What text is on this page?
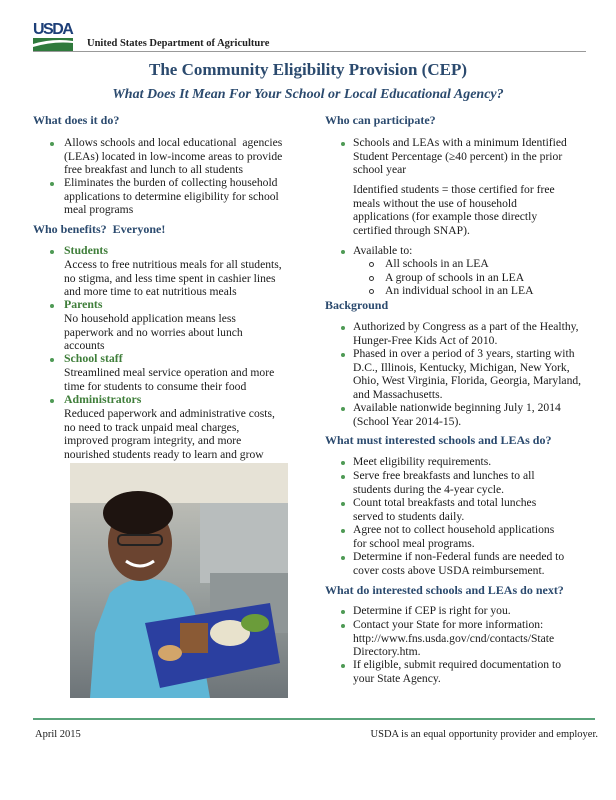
USDA
United States Department of Agriculture
The Community Eligibility Provision (CEP)
What Does It Mean For Your School or Local Educational Agency?
What does it do?
Allows schools and local educational  agencies
(LEAs) located in low-income areas to provide
free breakfast and lunch to all students
Eliminates the burden of collecting household
applications to determine eligibility for school
meal programs
Who benefits?  Everyone!
Students
Access to free nutritious meals for all students,
no stigma, and less time spent in cashier lines
and more time to eat nutritious meals
Parents
No household application means less
paperwork and no worries about lunch
accounts
School staff
Streamlined meal service operation and more
time for students to consume their food
Administrators
Reduced paperwork and administrative costs,
no need to track unpaid meal charges,
improved program integrity, and more
nourished students ready to learn and grow
Who can participate?
Schools and LEAs with a minimum Identified
Student Percentage (≥40 percent) in the prior
school year
Identified students = those certified for free
meals without the use of household
applications (for example those directly
certified through SNAP).
Available to:
All schools in an LEA
A group of schools in an LEA
An individual school in an LEA
Background
Authorized by Congress as a part of the Healthy,
Hunger-Free Kids Act of 2010.
Phased in over a period of 3 years, starting with
D.C., Illinois, Kentucky, Michigan, New York,
Ohio, West Virginia, Florida, Georgia, Maryland,
and Massachusetts.
Available nationwide beginning July 1, 2014
(School Year 2014-15).
What must interested schools and LEAs do?
Meet eligibility requirements.
Serve free breakfasts and lunches to all
students during the 4-year cycle.
Count total breakfasts and total lunches
served to students daily.
Agree not to collect household applications
for school meal programs.
Determine if non-Federal funds are needed to
cover costs above USDA reimbursement.
What do interested schools and LEAs do next?
Determine if CEP is right for you.
Contact your State for more information:
http://www.fns.usda.gov/cnd/contacts/State
Directory.htm.
If eligible, submit required documentation to
your State Agency.
April 2015	USDA is an equal opportunity provider and employer.
